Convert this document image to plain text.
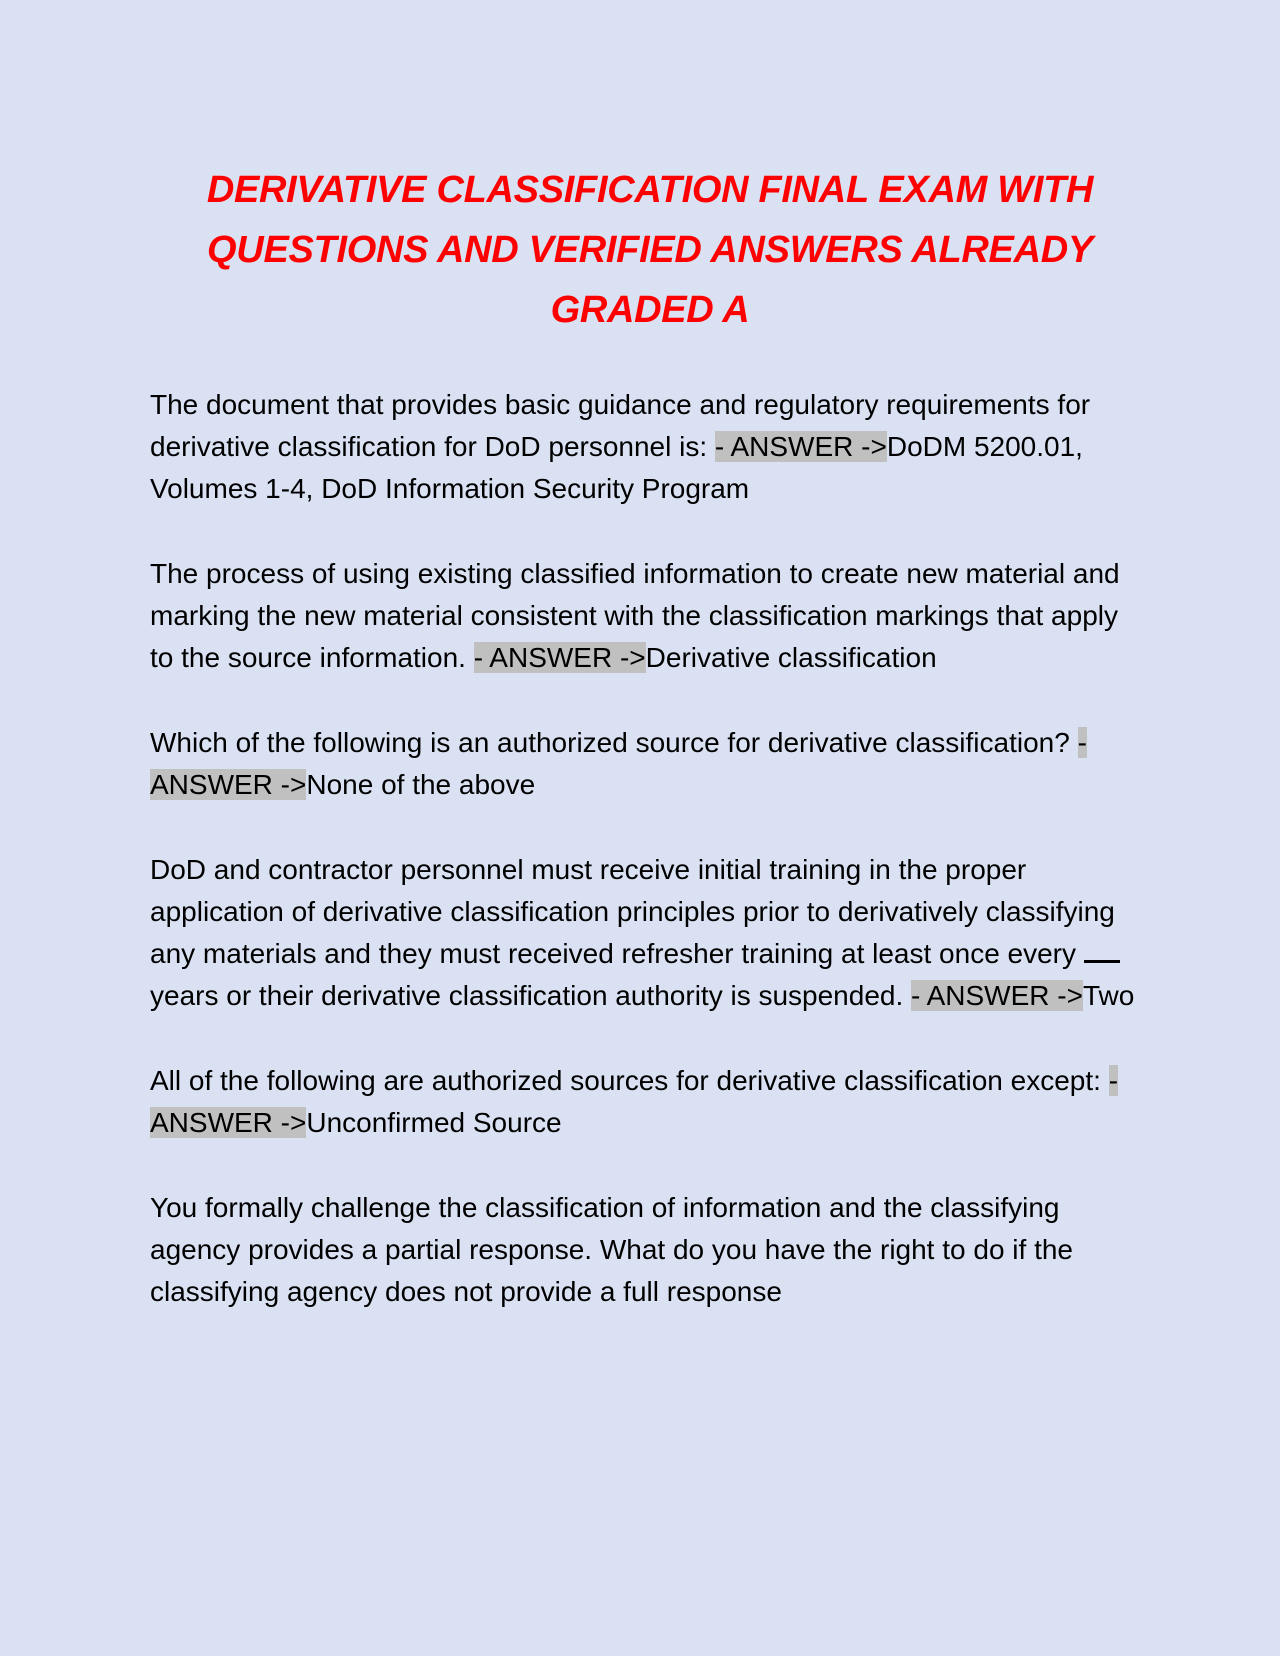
DERIVATIVE CLASSIFICATION FINAL EXAM WITH QUESTIONS AND VERIFIED ANSWERS ALREADY GRADED A

The document that provides basic guidance and regulatory requirements for derivative classification for DoD personnel is: - ANSWER ->DoDM 5200.01, Volumes 1-4, DoD Information Security Program

The process of using existing classified information to create new material and marking the new material consistent with the classification markings that apply to the source information. - ANSWER ->Derivative classification

Which of the following is an authorized source for derivative classification? - ANSWER ->None of the above

DoD and contractor personnel must receive initial training in the proper application of derivative classification principles prior to derivatively classifying any materials and they must received refresher training at least once every years or their derivative classification authority is suspended. - ANSWER ->Two

All of the following are authorized sources for derivative classification except: - ANSWER ->Unconfirmed Source

You formally challenge the classification of information and the classifying agency provides a partial response. What do you have the right to do if the classifying agency does not provide a full response
